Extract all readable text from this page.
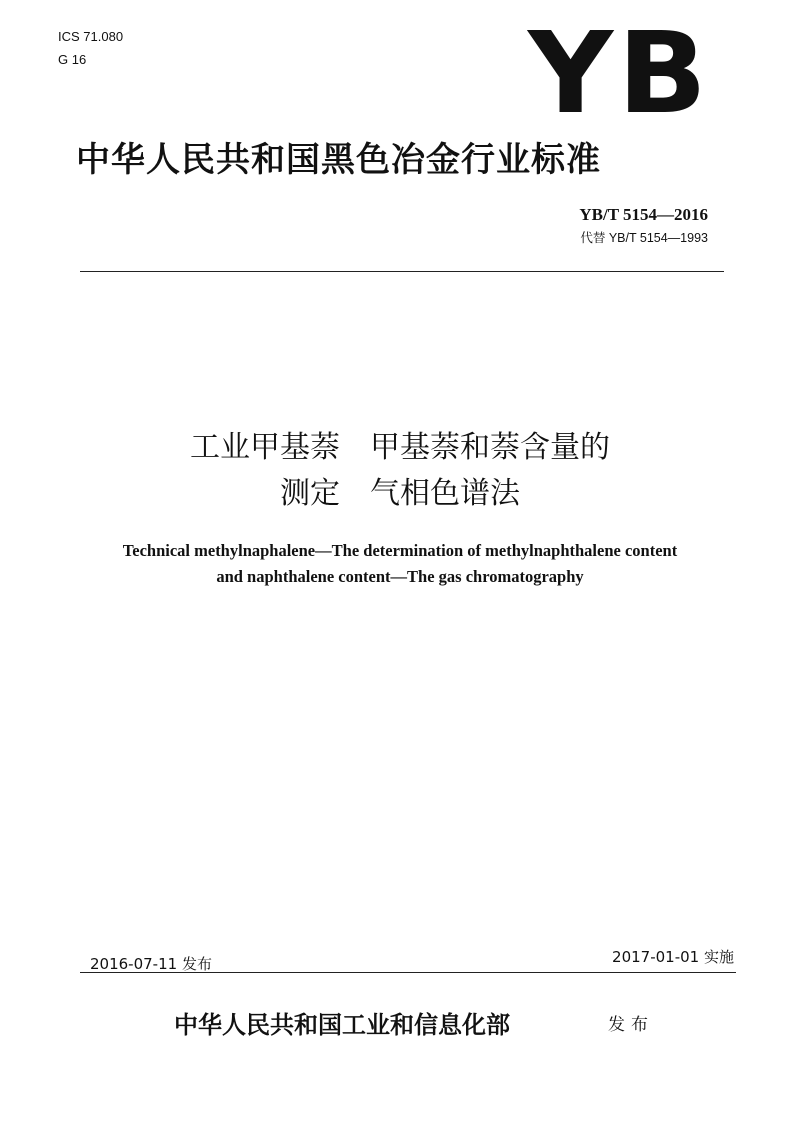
ICS 71.080
G 16	YB
中华人民共和国黑色冶金行业标准
YB/T 5154—2016
代替 YB/T 5154—1993
工业甲基萘　甲基萘和萘含量的
测定　气相色谱法
Technical methylnaphalene—The determination of methylnaphthalene content
and naphthalene content—The gas chromatography
2016-07-11 发布	2017-01-01 实施
中华人民共和国工业和信息化部	发布
